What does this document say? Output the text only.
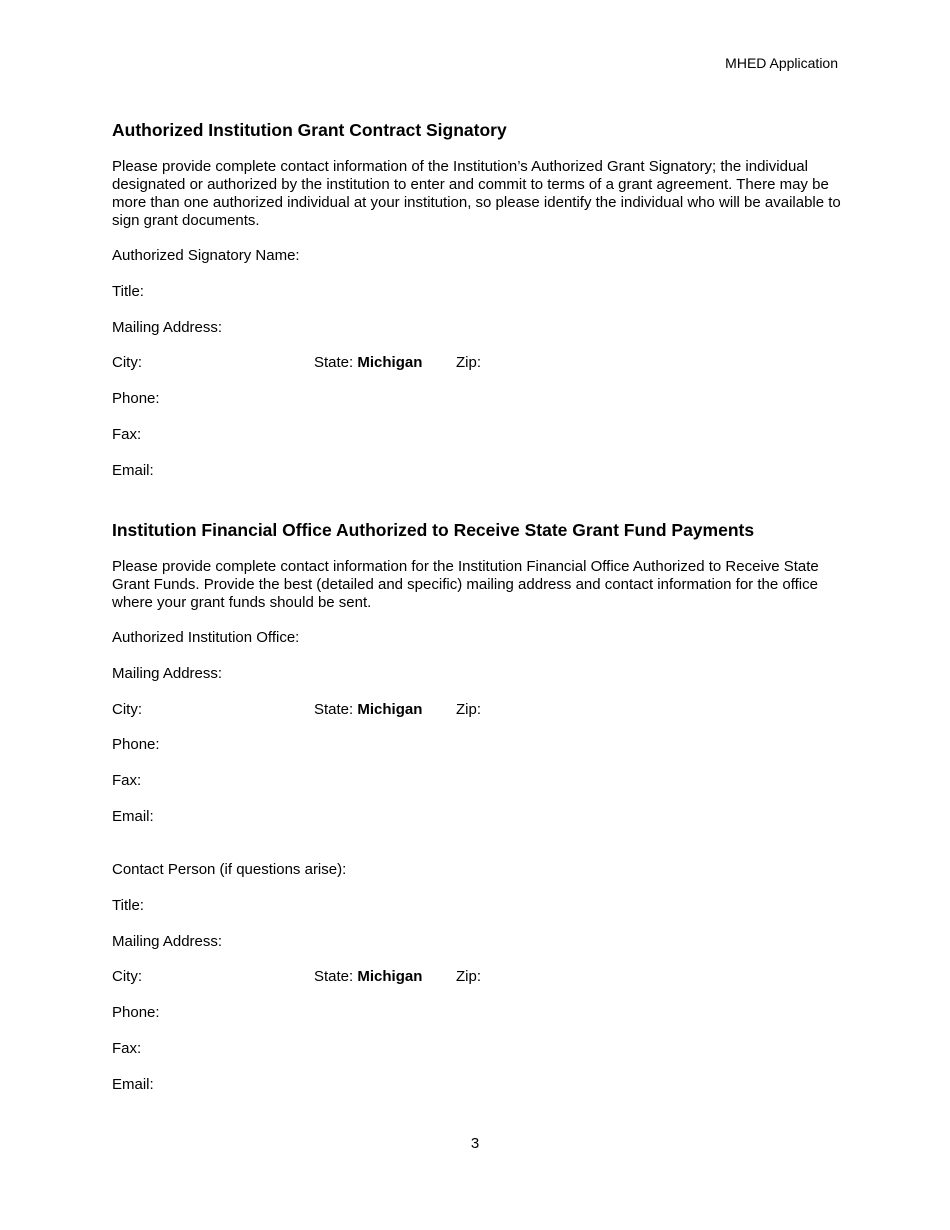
MHED Application
Authorized Institution Grant Contract Signatory

Please provide complete contact information of the Institution’s Authorized Grant Signatory; the individual designated or authorized by the institution to enter and commit to terms of a grant agreement. There may be more than one authorized individual at your institution, so please identify the individual who will be available to sign grant documents.

Authorized Signatory Name:
Title:
Mailing Address:
City:	State: Michigan Zip:
Phone:
Fax:
Email:
Institution Financial Office Authorized to Receive State Grant Fund Payments

Please provide complete contact information for the Institution Financial Office Authorized to Receive State Grant Funds. Provide the best (detailed and specific) mailing address and contact information for the office where your grant funds should be sent.

Authorized Institution Office:
Mailing Address:
City:	State: Michigan Zip:
Phone:
Fax:
Email:
Contact Person (if questions arise):
Title:
Mailing Address:
City:	State: Michigan Zip:
Phone:
Fax:
Email:
3
